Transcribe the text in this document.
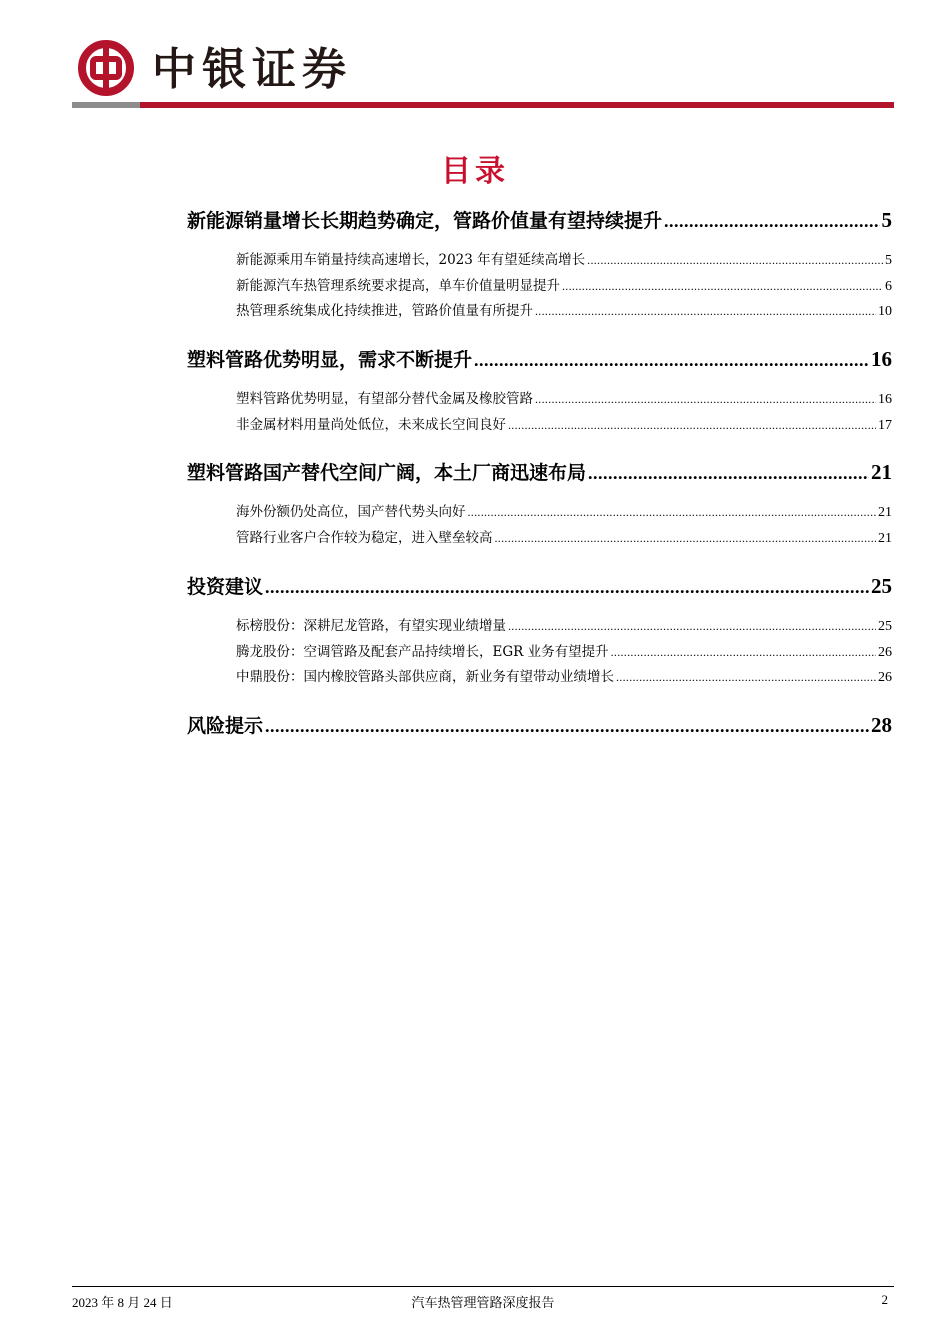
中银证券
目录
新能源销量增长长期趋势确定，管路价值量有望持续提升 .....	5
新能源乘用车销量持续高速增长，2023 年有望延续高增长 .....	5
新能源汽车热管理系统要求提高，单车价值量明显提升 .....	6
热管理系统集成化持续推进，管路价值量有所提升 .....	10
塑料管路优势明显，需求不断提升 .....	16
塑料管路优势明显，有望部分替代金属及橡胶管路 .....	16
非金属材料用量尚处低位，未来成长空间良好 .....	17
塑料管路国产替代空间广阔，本土厂商迅速布局 .....	21
海外份额仍处高位，国产替代势头向好 .....	21
管路行业客户合作较为稳定，进入壁垒较高 .....	21
投资建议 .....	25
标榜股份：深耕尼龙管路，有望实现业绩增量 .....	25
腾龙股份：空调管路及配套产品持续增长，EGR 业务有望提升 .....	26
中鼎股份：国内橡胶管路头部供应商，新业务有望带动业绩增长 .....	26
风险提示 .....	28
2023 年 8 月 24 日	汽车热管理管路深度报告	2
